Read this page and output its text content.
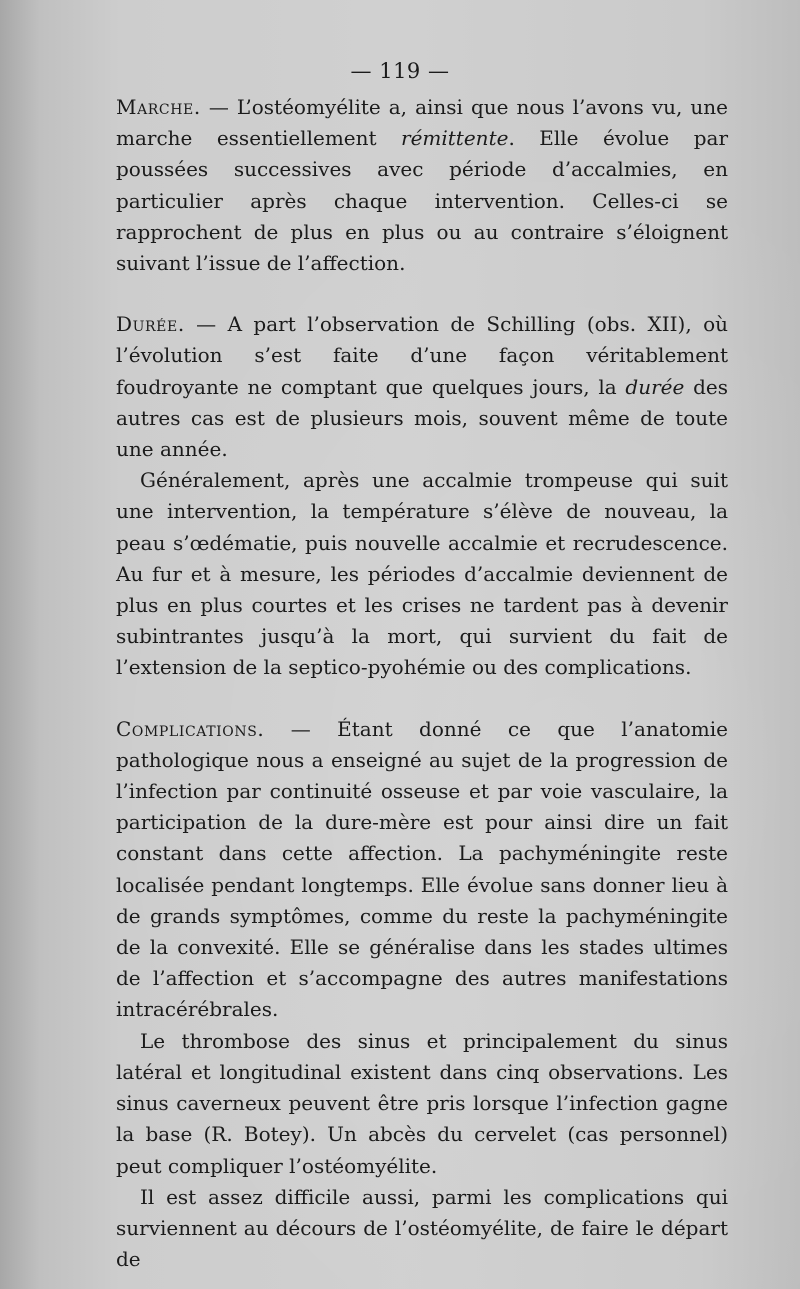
— 119 —

Marche. — L’ostéomyélite a, ainsi que nous l’avons vu, une marche essentiellement rémittente. Elle évolue par poussées successives avec période d’accalmies, en particulier après chaque intervention. Celles-ci se rapprochent de plus en plus ou au contraire s’éloignent suivant l’issue de l’affection.

Durée. — A part l’observation de Schilling (obs. XII), où l’évolution s’est faite d’une façon véritablement foudroyante ne comptant que quelques jours, la durée des autres cas est de plusieurs mois, souvent même de toute une année.

Généralement, après une accalmie trompeuse qui suit une intervention, la température s’élève de nouveau, la peau s’œdématie, puis nouvelle accalmie et recrudescence. Au fur et à mesure, les périodes d’accalmie deviennent de plus en plus courtes et les crises ne tardent pas à devenir subintrantes jusqu’à la mort, qui survient du fait de l’extension de la septico-pyohémie ou des complications.

Complications. — Étant donné ce que l’anatomie pathologique nous a enseigné au sujet de la progression de l’infection par continuité osseuse et par voie vasculaire, la participation de la dure-mère est pour ainsi dire un fait constant dans cette affection. La pachyméningite reste localisée pendant longtemps. Elle évolue sans donner lieu à de grands symptômes, comme du reste la pachyméningite de la convexité. Elle se généralise dans les stades ultimes de l’affection et s’accompagne des autres manifestations intracérébrales.

Le thrombose des sinus et principalement du sinus latéral et longitudinal existent dans cinq observations. Les sinus caverneux peuvent être pris lorsque l’infection gagne la base (R. Botey). Un abcès du cervelet (cas personnel) peut compliquer l’ostéomyélite.

Il est assez difficile aussi, parmi les complications qui surviennent au décours de l’ostéomyélite, de faire le départ de
